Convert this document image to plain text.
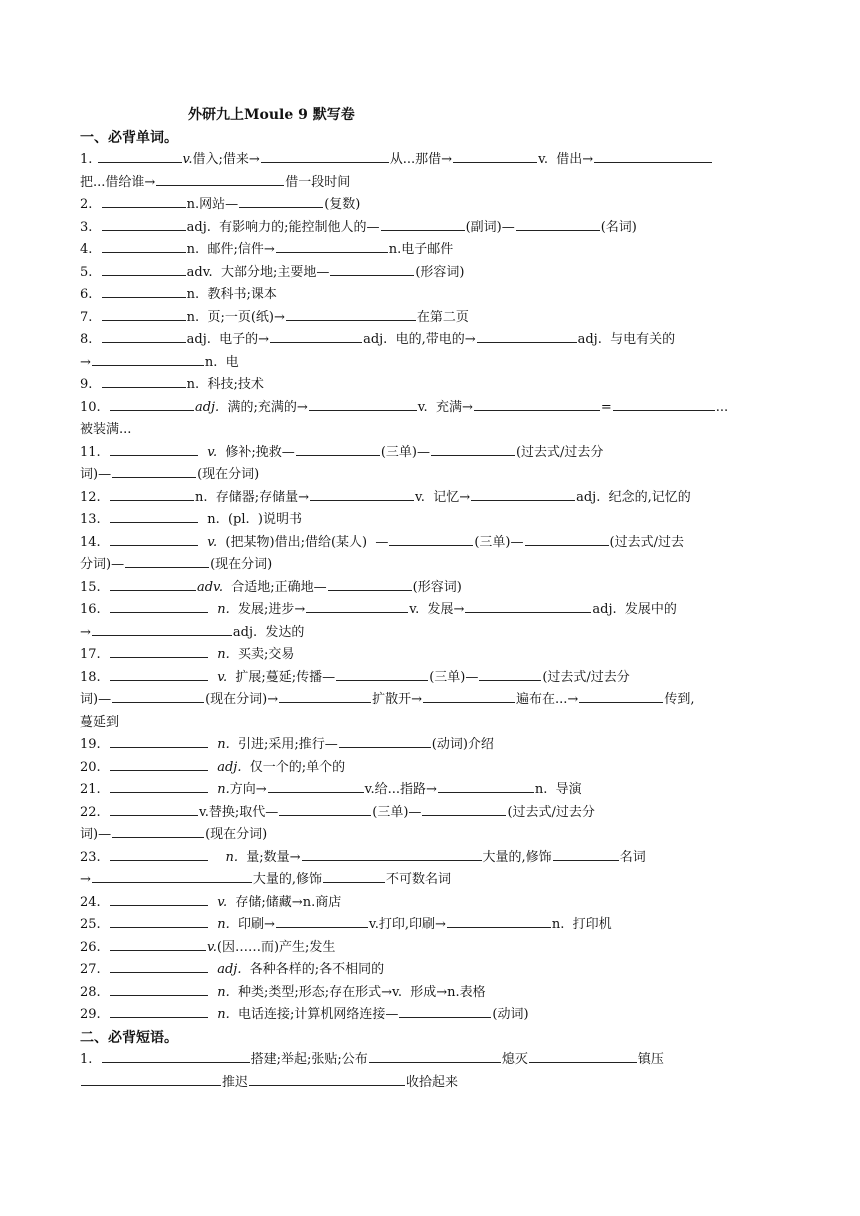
外研九上Moule 9 默写卷
一、必背单词。
1.	v.借入;借来→	从...那借→	v.  借出→
把...借给谁→	借一段时间
2.	n.网站—	(复数)
3.	adj.  有影响力的;能控制他人的—	(副词)—	(名词)
4.	n.  邮件;信件→	n.电子邮件
5.	adv.  大部分地;主要地—	(形容词)
6.	n.  教科书;课本
7.	n.  页;一页(纸)→	在第二页
8.	adj.  电子的→	adj.  电的,带电的→	adj.  与电有关的
→	n.  电
9.	n.  科技;技术
10.	adj.  满的;充满的→	v.  充满→	=	...
被装满...
11.	v.  修补;挽救—	(三单)—	(过去式/过去分
词)—	(现在分词)
12.	n.  存储器;存储量→	v.  记忆→	adj.  纪念的,记忆的
13.	n.  (pl.  )说明书
14.	v.  (把某物)借出;借给(某人)  —	(三单)—	(过去式/过去
分词)—	(现在分词)
15.	adv.  合适地;正确地—	(形容词)
16.	n.  发展;进步→	v.  发展→	adj.  发展中的
→	adj.  发达的
17.	n.  买卖;交易
18.	v.  扩展;蔓延;传播—	(三单)—	(过去式/过去分
词)—	(现在分词)→	扩散开→	遍布在...→	传到,
蔓延到
19.	n.  引进;采用;推行—	(动词)介绍
20.	adj.  仅一个的;单个的
21.	n.方向→	v.给...指路→	n.  导演
22.	v.替换;取代—	(三单)—	(过去式/过去分
词)—	(现在分词)
23.	n.  量;数量→	大量的,修饰	名词
→	大量的,修饰	不可数名词
24.	v.  存储;储藏→n.商店
25.	n.  印刷→	v.打印,印刷→	n.  打印机
26.	v.(因……而)产生;发生
27.	adj.  各种各样的;各不相同的
28.	n.  种类;类型;形态;存在形式→v.  形成→n.表格
29.	n.  电话连接;计算机网络连接—	(动词)
二、必背短语。
1.	搭建;举起;张贴;公布	熄灭	镇压
推迟	收拾起来
